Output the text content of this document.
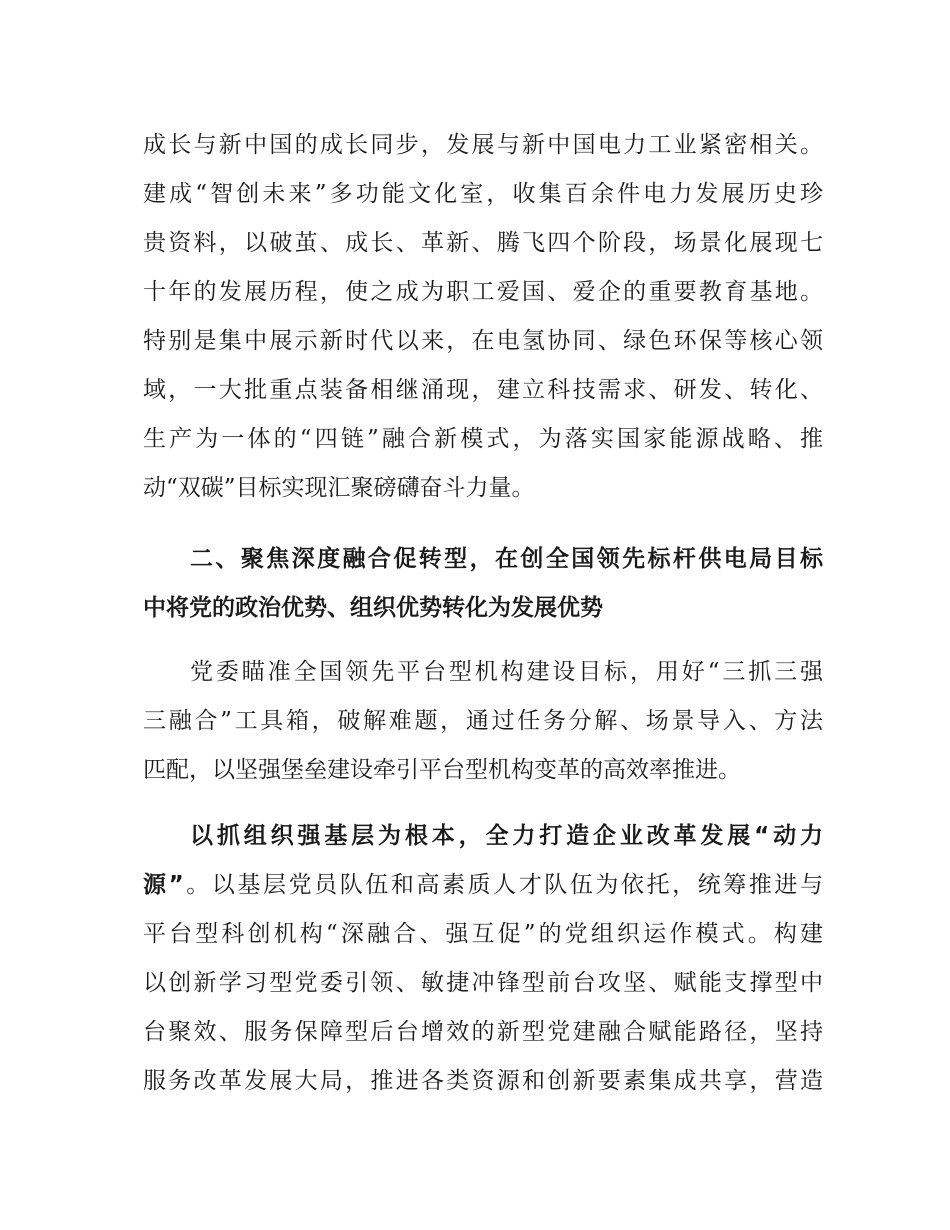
成长与新中国的成长同步，发展与新中国电力工业紧密相关。
建成“智创未来”多功能文化室，收集百余件电力发展历史珍
贵资料，以破茧、成长、革新、腾飞四个阶段，场景化展现七
十年的发展历程，使之成为职工爱国、爱企的重要教育基地。
特别是集中展示新时代以来，在电氢协同、绿色环保等核心领
域，一大批重点装备相继涌现，建立科技需求、研发、转化、
生产为一体的“四链”融合新模式，为落实国家能源战略、推
动“双碳”目标实现汇聚磅礴奋斗力量。
二、聚焦深度融合促转型，在创全国领先标杆供电局目标
中将党的政治优势、组织优势转化为发展优势
党委瞄准全国领先平台型机构建设目标，用好“三抓三强
三融合”工具箱，破解难题，通过任务分解、场景导入、方法
匹配，以坚强堡垒建设牵引平台型机构变革的高效率推进。
以抓组织强基层为根本，全力打造企业改革发展“动力
源”。以基层党员队伍和高素质人才队伍为依托，统筹推进与
平台型科创机构“深融合、强互促”的党组织运作模式。构建
以创新学习型党委引领、敏捷冲锋型前台攻坚、赋能支撑型中
台聚效、服务保障型后台增效的新型党建融合赋能路径，坚持
服务改革发展大局，推进各类资源和创新要素集成共享，营造
